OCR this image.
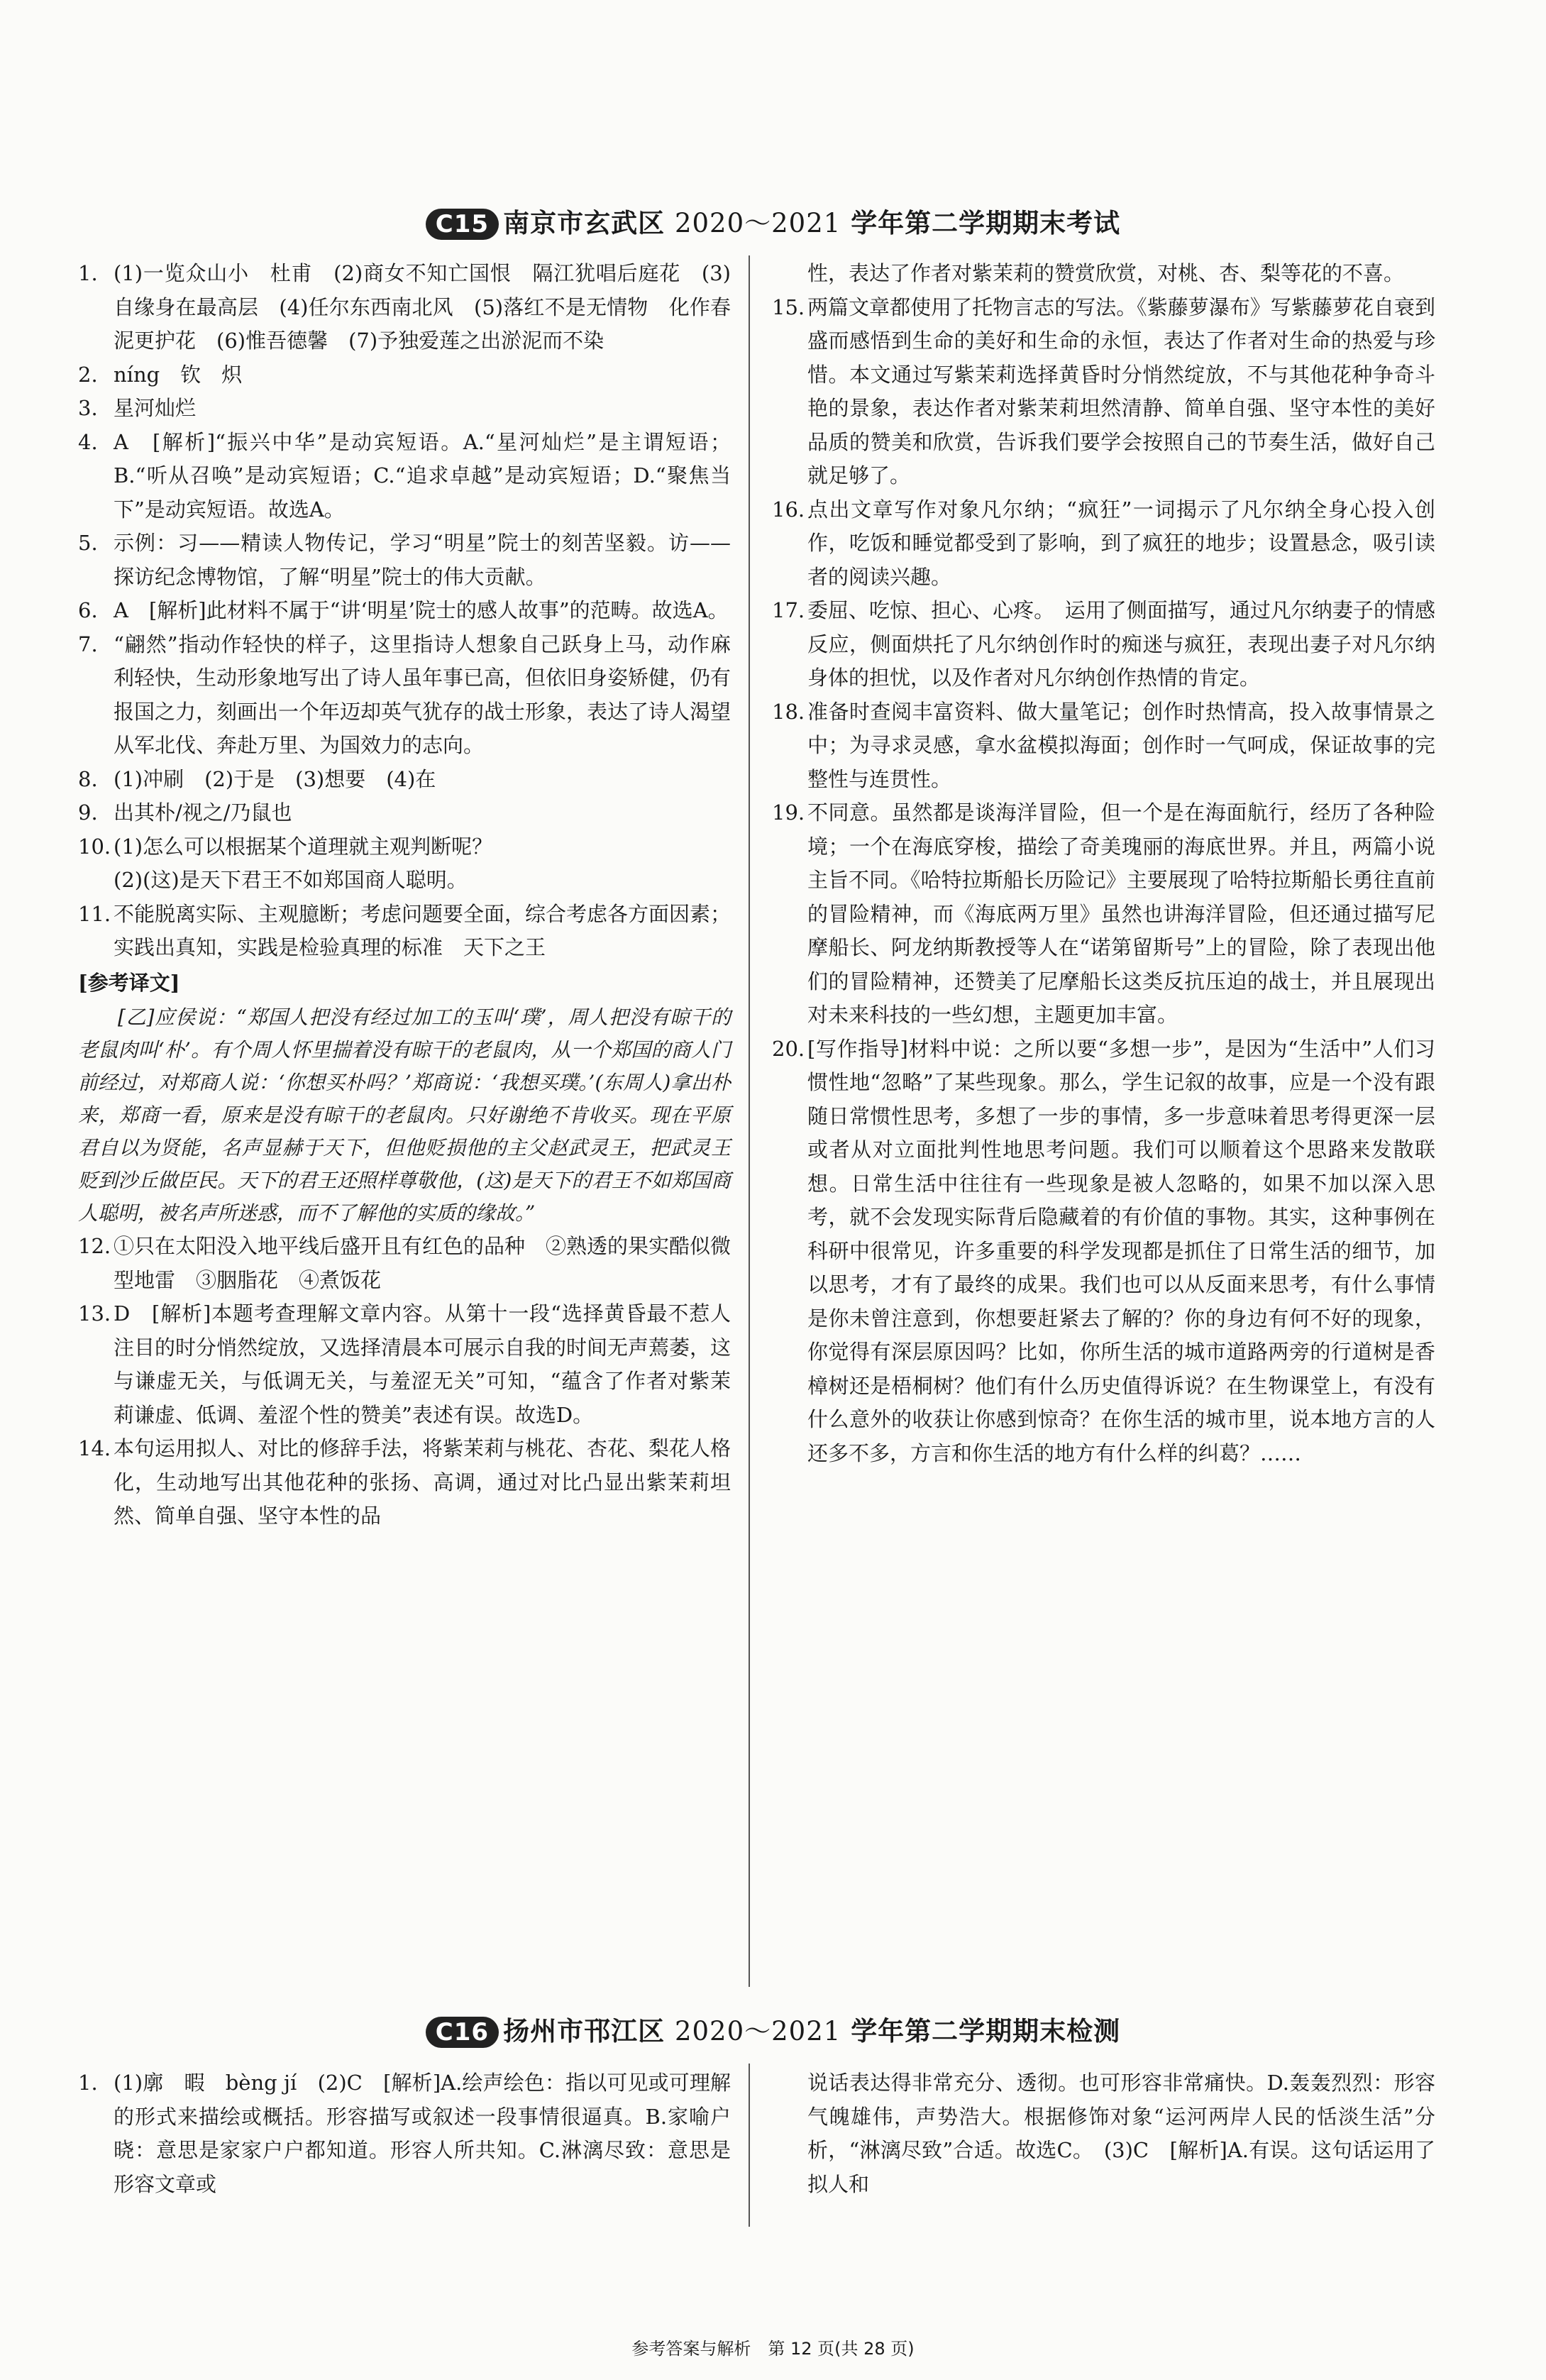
C15 南京市玄武区 2020～2021 学年第二学期期末考试
1. (1)一览众山小　杜甫　(2)商女不知亡国恨　隔江犹唱后庭花　(3)自缘身在最高层　(4)任尔东西南北风　(5)落红不是无情物　化作春泥更护花　(6)惟吾德馨　(7)予独爱莲之出淤泥而不染
2. níng　钦　炽
3. 星河灿烂
4. A　[解析]“振兴中华”是动宾短语。A.“星河灿烂”是主谓短语；B.“听从召唤”是动宾短语；C.“追求卓越”是动宾短语；D.“聚焦当下”是动宾短语。故选A。
5. 示例：习——精读人物传记，学习“明星”院士的刻苦坚毅。访——探访纪念博物馆，了解“明星”院士的伟大贡献。
6. A　[解析]此材料不属于“讲‘明星’院士的感人故事”的范畴。故选A。
7. “翩然”指动作轻快的样子，这里指诗人想象自己跃身上马，动作麻利轻快，生动形象地写出了诗人虽年事已高，但依旧身姿矫健，仍有报国之力，刻画出一个年迈却英气犹存的战士形象，表达了诗人渴望从军北伐、奔赴万里、为国效力的志向。
8. (1)冲刷　(2)于是　(3)想要　(4)在
9. 出其朴/视之/乃鼠也
10. (1)怎么可以根据某个道理就主观判断呢？
(2)(这)是天下君王不如郑国商人聪明。
11. 不能脱离实际、主观臆断；考虑问题要全面，综合考虑各方面因素；实践出真知，实践是检验真理的标准　天下之王
[参考译文]
[乙]应侯说：“郑国人把没有经过加工的玉叫‘璞’，周人把没有晾干的老鼠肉叫‘朴’。有个周人怀里揣着没有晾干的老鼠肉，从一个郑国的商人门前经过，对郑商人说：‘你想买朴吗？’郑商说：‘我想买璞。’(东周人)拿出朴来，郑商一看，原来是没有晾干的老鼠肉。只好谢绝不肯收买。现在平原君自以为贤能，名声显赫于天下，但他贬损他的主父赵武灵王，把武灵王贬到沙丘做臣民。天下的君王还照样尊敬他，(这)是天下的君王不如郑国商人聪明，被名声所迷惑，而不了解他的实质的缘故。”
12. ①只在太阳没入地平线后盛开且有红色的品种　②熟透的果实酷似微型地雷　③胭脂花　④煮饭花
13. D　[解析]本题考查理解文章内容。从第十一段“选择黄昏最不惹人注目的时分悄然绽放，又选择清晨本可展示自我的时间无声蔫萎，这与谦虚无关，与低调无关，与羞涩无关”可知，“蕴含了作者对紫茉莉谦虚、低调、羞涩个性的赞美”表述有误。故选D。
14. 本句运用拟人、对比的修辞手法，将紫茉莉与桃花、杏花、梨花人格化，生动地写出其他花种的张扬、高调，通过对比凸显出紫茉莉坦然、简单自强、坚守本性的品
性，表达了作者对紫茉莉的赞赏欣赏，对桃、杏、梨等花的不喜。
15. 两篇文章都使用了托物言志的写法。《紫藤萝瀑布》写紫藤萝花自衰到盛而感悟到生命的美好和生命的永恒，表达了作者对生命的热爱与珍惜。本文通过写紫茉莉选择黄昏时分悄然绽放，不与其他花种争奇斗艳的景象，表达作者对紫茉莉坦然清静、简单自强、坚守本性的美好品质的赞美和欣赏，告诉我们要学会按照自己的节奏生活，做好自己就足够了。
16. 点出文章写作对象凡尔纳；“疯狂”一词揭示了凡尔纳全身心投入创作，吃饭和睡觉都受到了影响，到了疯狂的地步；设置悬念，吸引读者的阅读兴趣。
17. 委屈、吃惊、担心、心疼。　运用了侧面描写，通过凡尔纳妻子的情感反应，侧面烘托了凡尔纳创作时的痴迷与疯狂，表现出妻子对凡尔纳身体的担忧，以及作者对凡尔纳创作热情的肯定。
18. 准备时查阅丰富资料、做大量笔记；创作时热情高，投入故事情景之中；为寻求灵感，拿水盆模拟海面；创作时一气呵成，保证故事的完整性与连贯性。
19. 不同意。虽然都是谈海洋冒险，但一个是在海面航行，经历了各种险境；一个在海底穿梭，描绘了奇美瑰丽的海底世界。并且，两篇小说主旨不同。《哈特拉斯船长历险记》主要展现了哈特拉斯船长勇往直前的冒险精神，而《海底两万里》虽然也讲海洋冒险，但还通过描写尼摩船长、阿龙纳斯教授等人在“诺第留斯号”上的冒险，除了表现出他们的冒险精神，还赞美了尼摩船长这类反抗压迫的战士，并且展现出对未来科技的一些幻想，主题更加丰富。
20. [写作指导]材料中说：之所以要“多想一步”，是因为“生活中”人们习惯性地“忽略”了某些现象。那么，学生记叙的故事，应是一个没有跟随日常惯性思考，多想了一步的事情，多一步意味着思考得更深一层或者从对立面批判性地思考问题。我们可以顺着这个思路来发散联想。日常生活中往往有一些现象是被人忽略的，如果不加以深入思考，就不会发现实际背后隐藏着的有价值的事物。其实，这种事例在科研中很常见，许多重要的科学发现都是抓住了日常生活的细节，加以思考，才有了最终的成果。我们也可以从反面来思考，有什么事情是你未曾注意到，你想要赶紧去了解的？你的身边有何不好的现象，你觉得有深层原因吗？比如，你所生活的城市道路两旁的行道树是香樟树还是梧桐树？他们有什么历史值得诉说？在生物课堂上，有没有什么意外的收获让你感到惊奇？在你生活的城市里，说本地方言的人还多不多，方言和你生活的地方有什么样的纠葛？……
C16 扬州市邗江区 2020～2021 学年第二学期期末检测
1. (1)廓　暇　bèng jí　(2)C　[解析]A.绘声绘色：指以可见或可理解的形式来描绘或概括。形容描写或叙述一段事情很逼真。B.家喻户晓：意思是家家户户都知道。形容人所共知。C.淋漓尽致：意思是形容文章或
说话表达得非常充分、透彻。也可形容非常痛快。D.轰轰烈烈：形容气魄雄伟，声势浩大。根据修饰对象“运河两岸人民的恬淡生活”分析，“淋漓尽致”合适。故选C。　(3)C　[解析]A.有误。这句话运用了拟人和
参考答案与解析　第 12 页(共 28 页)
